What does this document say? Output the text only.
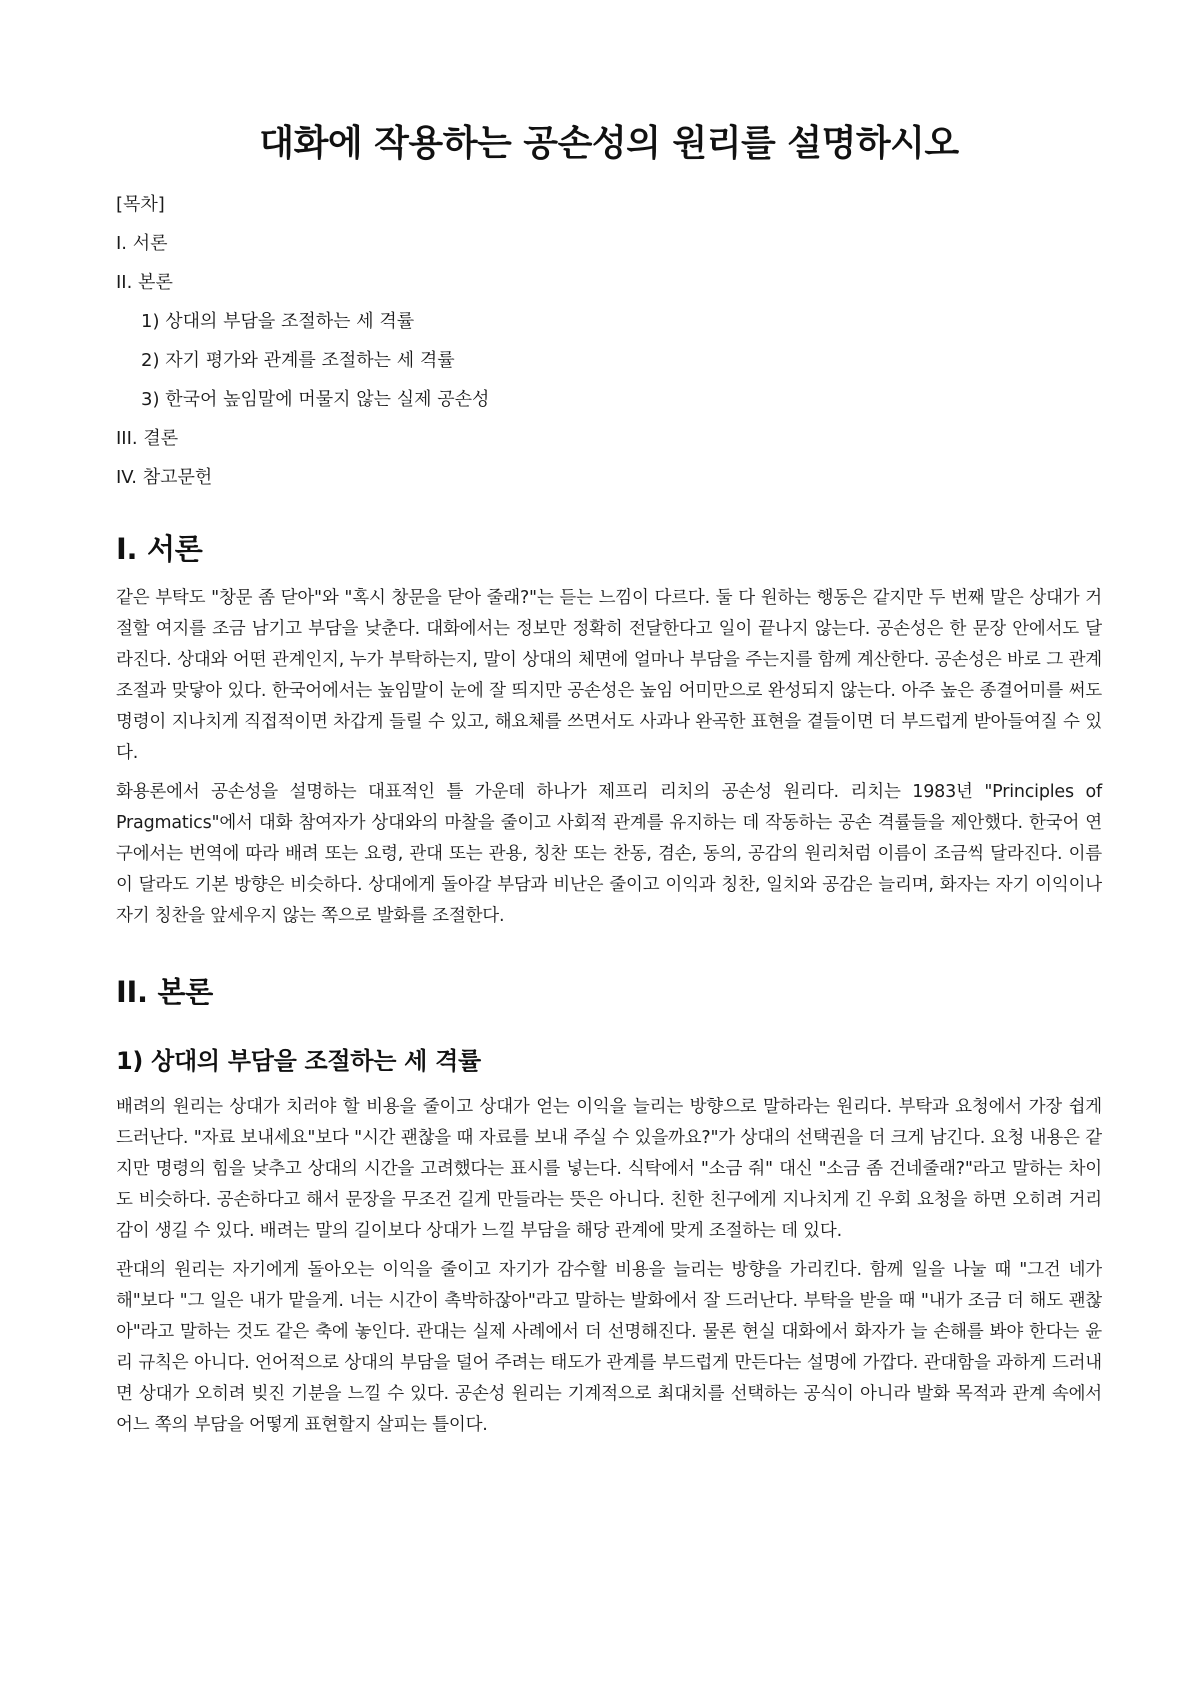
대화에 작용하는 공손성의 원리를 설명하시오
[목차]
I. 서론
II. 본론
1) 상대의 부담을 조절하는 세 격률
2) 자기 평가와 관계를 조절하는 세 격률
3) 한국어 높임말에 머물지 않는 실제 공손성
III. 결론
IV. 참고문헌
I. 서론

같은 부탁도 "창문 좀 닫아"와 "혹시 창문을 닫아 줄래?"는 듣는 느낌이 다르다. 둘 다 원하는 행동은 같지만 두 번째 말은 상대가 거절할 여지를 조금 남기고 부담을 낮춘다. 대화에서는 정보만 정확히 전달한다고 일이 끝나지 않는다. 공손성은 한 문장 안에서도 달라진다. 상대와 어떤 관계인지, 누가 부탁하는지, 말이 상대의 체면에 얼마나 부담을 주는지를 함께 계산한다. 공손성은 바로 그 관계 조절과 맞닿아 있다. 한국어에서는 높임말이 눈에 잘 띄지만 공손성은 높임 어미만으로 완성되지 않는다. 아주 높은 종결어미를 써도 명령이 지나치게 직접적이면 차갑게 들릴 수 있고, 해요체를 쓰면서도 사과나 완곡한 표현을 곁들이면 더 부드럽게 받아들여질 수 있다.

화용론에서 공손성을 설명하는 대표적인 틀 가운데 하나가 제프리 리치의 공손성 원리다. 리치는 1983년 "Principles of Pragmatics"에서 대화 참여자가 상대와의 마찰을 줄이고 사회적 관계를 유지하는 데 작동하는 공손 격률들을 제안했다. 한국어 연구에서는 번역에 따라 배려 또는 요령, 관대 또는 관용, 칭찬 또는 찬동, 겸손, 동의, 공감의 원리처럼 이름이 조금씩 달라진다. 이름이 달라도 기본 방향은 비슷하다. 상대에게 돌아갈 부담과 비난은 줄이고 이익과 칭찬, 일치와 공감은 늘리며, 화자는 자기 이익이나 자기 칭찬을 앞세우지 않는 쪽으로 발화를 조절한다.

II. 본론
1) 상대의 부담을 조절하는 세 격률

배려의 원리는 상대가 치러야 할 비용을 줄이고 상대가 얻는 이익을 늘리는 방향으로 말하라는 원리다. 부탁과 요청에서 가장 쉽게 드러난다. "자료 보내세요"보다 "시간 괜찮을 때 자료를 보내 주실 수 있을까요?"가 상대의 선택권을 더 크게 남긴다. 요청 내용은 같지만 명령의 힘을 낮추고 상대의 시간을 고려했다는 표시를 넣는다. 식탁에서 "소금 줘" 대신 "소금 좀 건네줄래?"라고 말하는 차이도 비슷하다. 공손하다고 해서 문장을 무조건 길게 만들라는 뜻은 아니다. 친한 친구에게 지나치게 긴 우회 요청을 하면 오히려 거리감이 생길 수 있다. 배려는 말의 길이보다 상대가 느낄 부담을 해당 관계에 맞게 조절하는 데 있다.

관대의 원리는 자기에게 돌아오는 이익을 줄이고 자기가 감수할 비용을 늘리는 방향을 가리킨다. 함께 일을 나눌 때 "그건 네가 해"보다 "그 일은 내가 맡을게. 너는 시간이 촉박하잖아"라고 말하는 발화에서 잘 드러난다. 부탁을 받을 때 "내가 조금 더 해도 괜찮아"라고 말하는 것도 같은 축에 놓인다. 관대는 실제 사례에서 더 선명해진다. 물론 현실 대화에서 화자가 늘 손해를 봐야 한다는 윤리 규칙은 아니다. 언어적으로 상대의 부담을 덜어 주려는 태도가 관계를 부드럽게 만든다는 설명에 가깝다. 관대함을 과하게 드러내면 상대가 오히려 빚진 기분을 느낄 수 있다. 공손성 원리는 기계적으로 최대치를 선택하는 공식이 아니라 발화 목적과 관계 속에서 어느 쪽의 부담을 어떻게 표현할지 살피는 틀이다.
